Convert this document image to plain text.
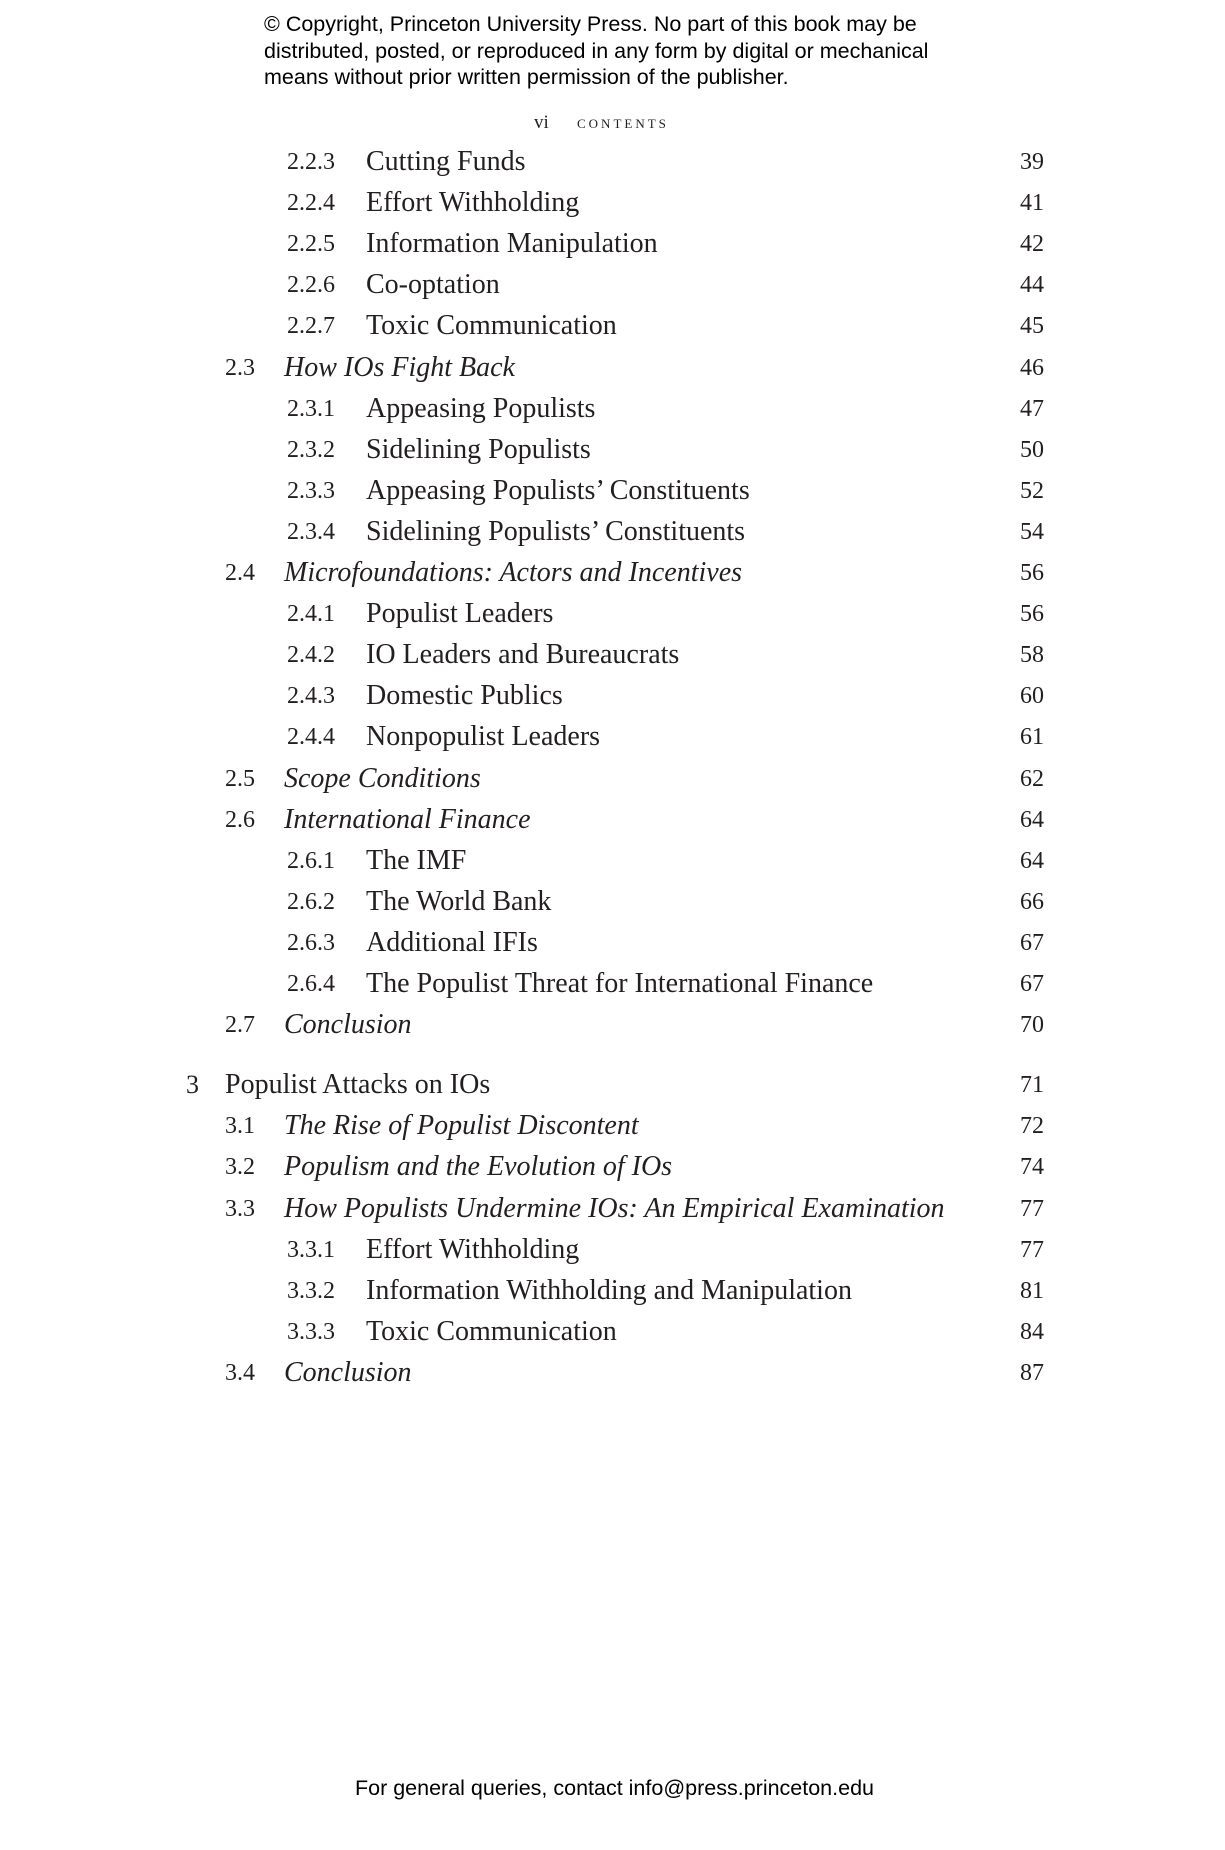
© Copyright, Princeton University Press. No part of this book may be
distributed, posted, or reproduced in any form by digital or mechanical
means without prior written permission of the publisher.
vi contents
2.2.3 Cutting Funds	39
2.2.4 Effort Withholding	41
2.2.5 Information Manipulation	42
2.2.6 Co-optation	44
2.2.7 Toxic Communication	45
2.3 How IOs Fight Back	46
2.3.1 Appeasing Populists	47
2.3.2 Sidelining Populists	50
2.3.3 Appeasing Populists’ Constituents	52
2.3.4 Sidelining Populists’ Constituents	54
2.4 Microfoundations: Actors and Incentives	56
2.4.1 Populist Leaders	56
2.4.2 IO Leaders and Bureaucrats	58
2.4.3 Domestic Publics	60
2.4.4 Nonpopulist Leaders	61
2.5 Scope Conditions	62
2.6 International Finance	64
2.6.1 The IMF	64
2.6.2 The World Bank	66
2.6.3 Additional IFIs	67
2.6.4 The Populist Threat for International Finance	67
2.7 Conclusion	70
3 Populist Attacks on IOs	71
3.1 The Rise of Populist Discontent	72
3.2 Populism and the Evolution of IOs	74
3.3 How Populists Undermine IOs: An Empirical Examination	77
3.3.1 Effort Withholding	77
3.3.2 Information Withholding and Manipulation	81
3.3.3 Toxic Communication	84
3.4 Conclusion	87
For general queries, contact info@press.princeton.edu
